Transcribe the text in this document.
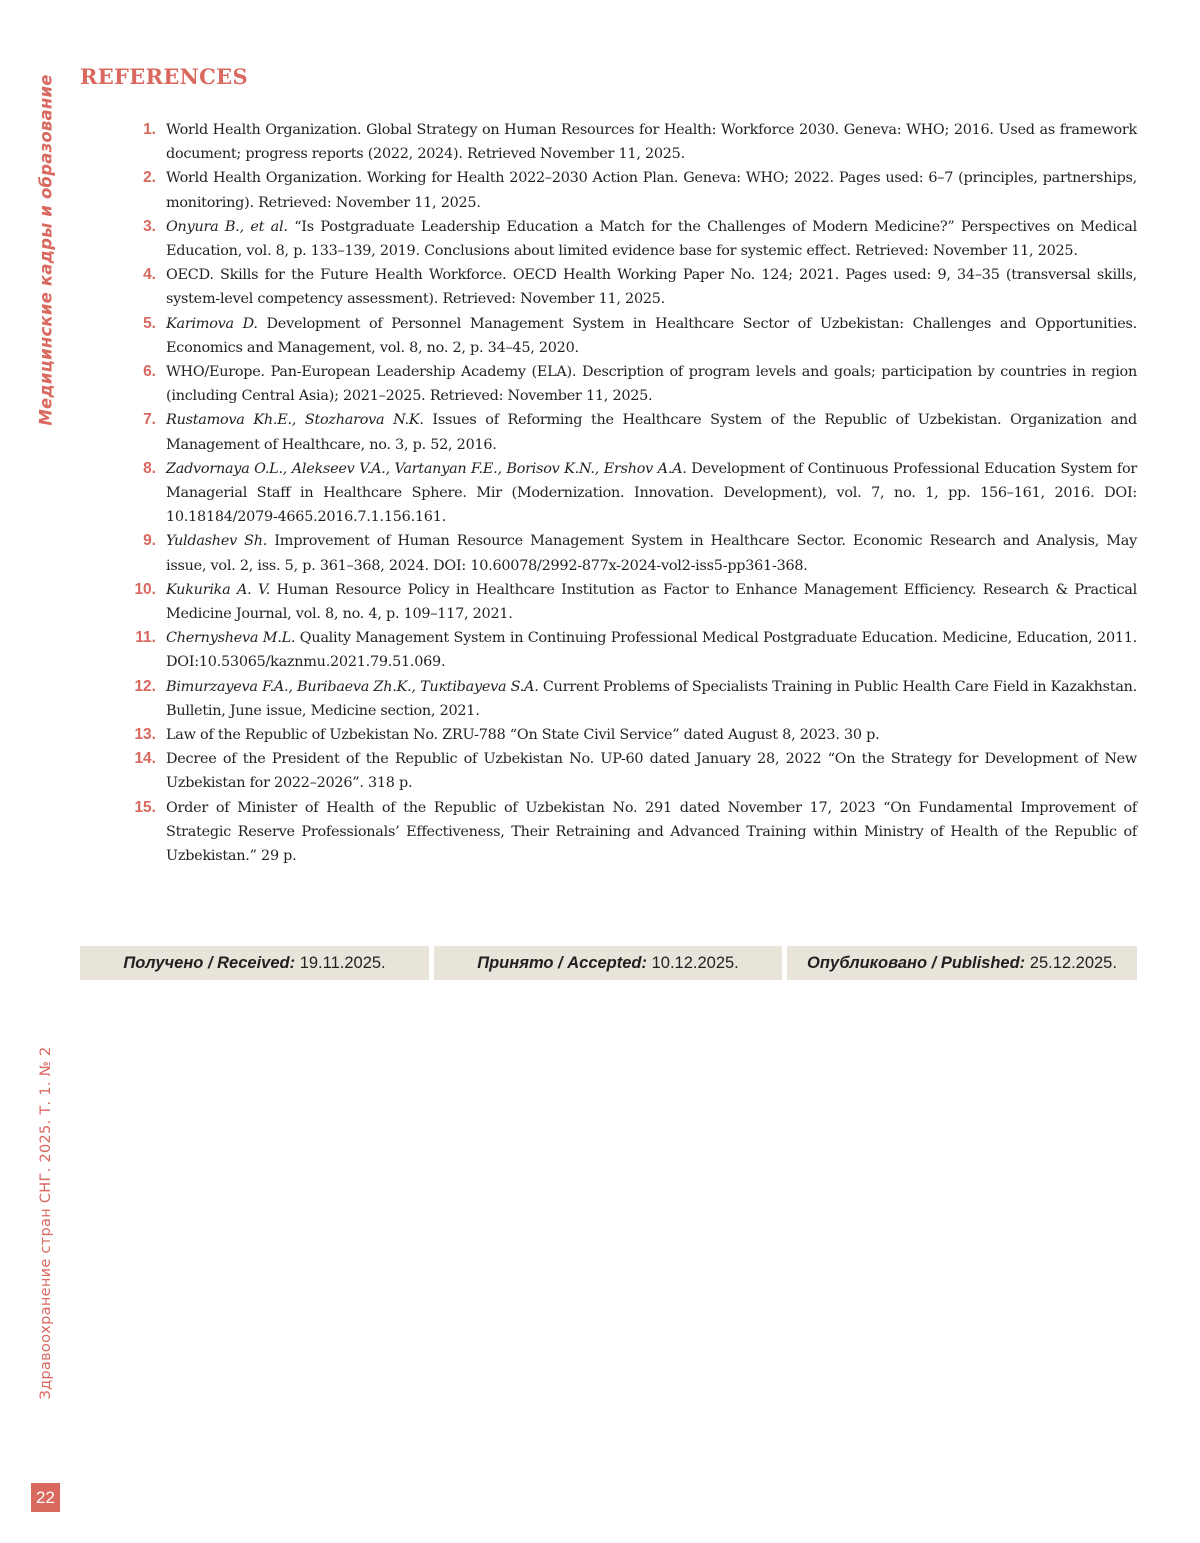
Медицинские кадры и образование
Здравоохранение стран СНГ. 2025. Т. 1. № 2
22
REFERENCES
1. World Health Organization. Global Strategy on Human Resources for Health: Workforce 2030. Geneva: WHO; 2016. Used as framework document; progress reports (2022, 2024). Retrieved November 11, 2025.
2. World Health Organization. Working for Health 2022–2030 Action Plan. Geneva: WHO; 2022. Pages used: 6–7 (principles, partnerships, monitoring). Retrieved: November 11, 2025.
3. Onyura B., et al. “Is Postgraduate Leadership Education a Match for the Challenges of Modern Medicine?” Perspectives on Medical Education, vol. 8, p. 133–139, 2019. Conclusions about limited evidence base for systemic effect. Retrieved: November 11, 2025.
4. OECD. Skills for the Future Health Workforce. OECD Health Working Paper No. 124; 2021. Pages used: 9, 34–35 (transversal skills, system-level competency assessment). Retrieved: November 11, 2025.
5. Karimova D. Development of Personnel Management System in Healthcare Sector of Uzbekistan: Challenges and Opportunities. Economics and Management, vol. 8, no. 2, p. 34–45, 2020.
6. WHO/Europe. Pan-European Leadership Academy (ELA). Description of program levels and goals; participation by countries in region (including Central Asia); 2021–2025. Retrieved: November 11, 2025.
7. Rustamova Kh.E., Stozharova N.K. Issues of Reforming the Healthcare System of the Republic of Uzbekistan. Organization and Management of Healthcare, no. 3, p. 52, 2016.
8. Zadvornaya O.L., Alekseev V.A., Vartanyan F.E., Borisov K.N., Ershov A.A. Development of Continuous Professional Education System for Managerial Staff in Healthcare Sphere. Mir (Modernization. Innovation. Development), vol. 7, no. 1, pp. 156–161, 2016. DOI: 10.18184/2079-4665.2016.7.1.156.161.
9. Yuldashev Sh. Improvement of Human Resource Management System in Healthcare Sector. Economic Research and Analysis, May issue, vol. 2, iss. 5, p. 361–368, 2024. DOI: 10.60078/2992-877x-2024-vol2-iss5-pp361-368.
10. Kukurika A. V. Human Resource Policy in Healthcare Institution as Factor to Enhance Management Efficiency. Research & Practical Medicine Journal, vol. 8, no. 4, p. 109–117, 2021.
11. Chernysheva M.L. Quality Management System in Continuing Professional Medical Postgraduate Education. Medicine, Education, 2011. DOI:10.53065/kaznmu.2021.79.51.069.
12. Bimurzayeva F.A., Buribaeva Zh.K., Тикtibayeva S.A. Current Problems of Specialists Training in Public Health Care Field in Kazakhstan. Bulletin, June issue, Medicine section, 2021.
13. Law of the Republic of Uzbekistan No. ZRU-788 “On State Civil Service” dated August 8, 2023. 30 p.
14. Decree of the President of the Republic of Uzbekistan No. UP-60 dated January 28, 2022 “On the Strategy for Development of New Uzbekistan for 2022–2026”. 318 p.
15. Order of Minister of Health of the Republic of Uzbekistan No. 291 dated November 17, 2023 “On Fundamental Improvement of Strategic Reserve Professionals’ Effectiveness, Their Retraining and Advanced Training within Ministry of Health of the Republic of Uzbekistan.” 29 p.
Получено / Received: 19.11.2025.	Принято / Accepted: 10.12.2025.	Опубликовано / Published: 25.12.2025.
